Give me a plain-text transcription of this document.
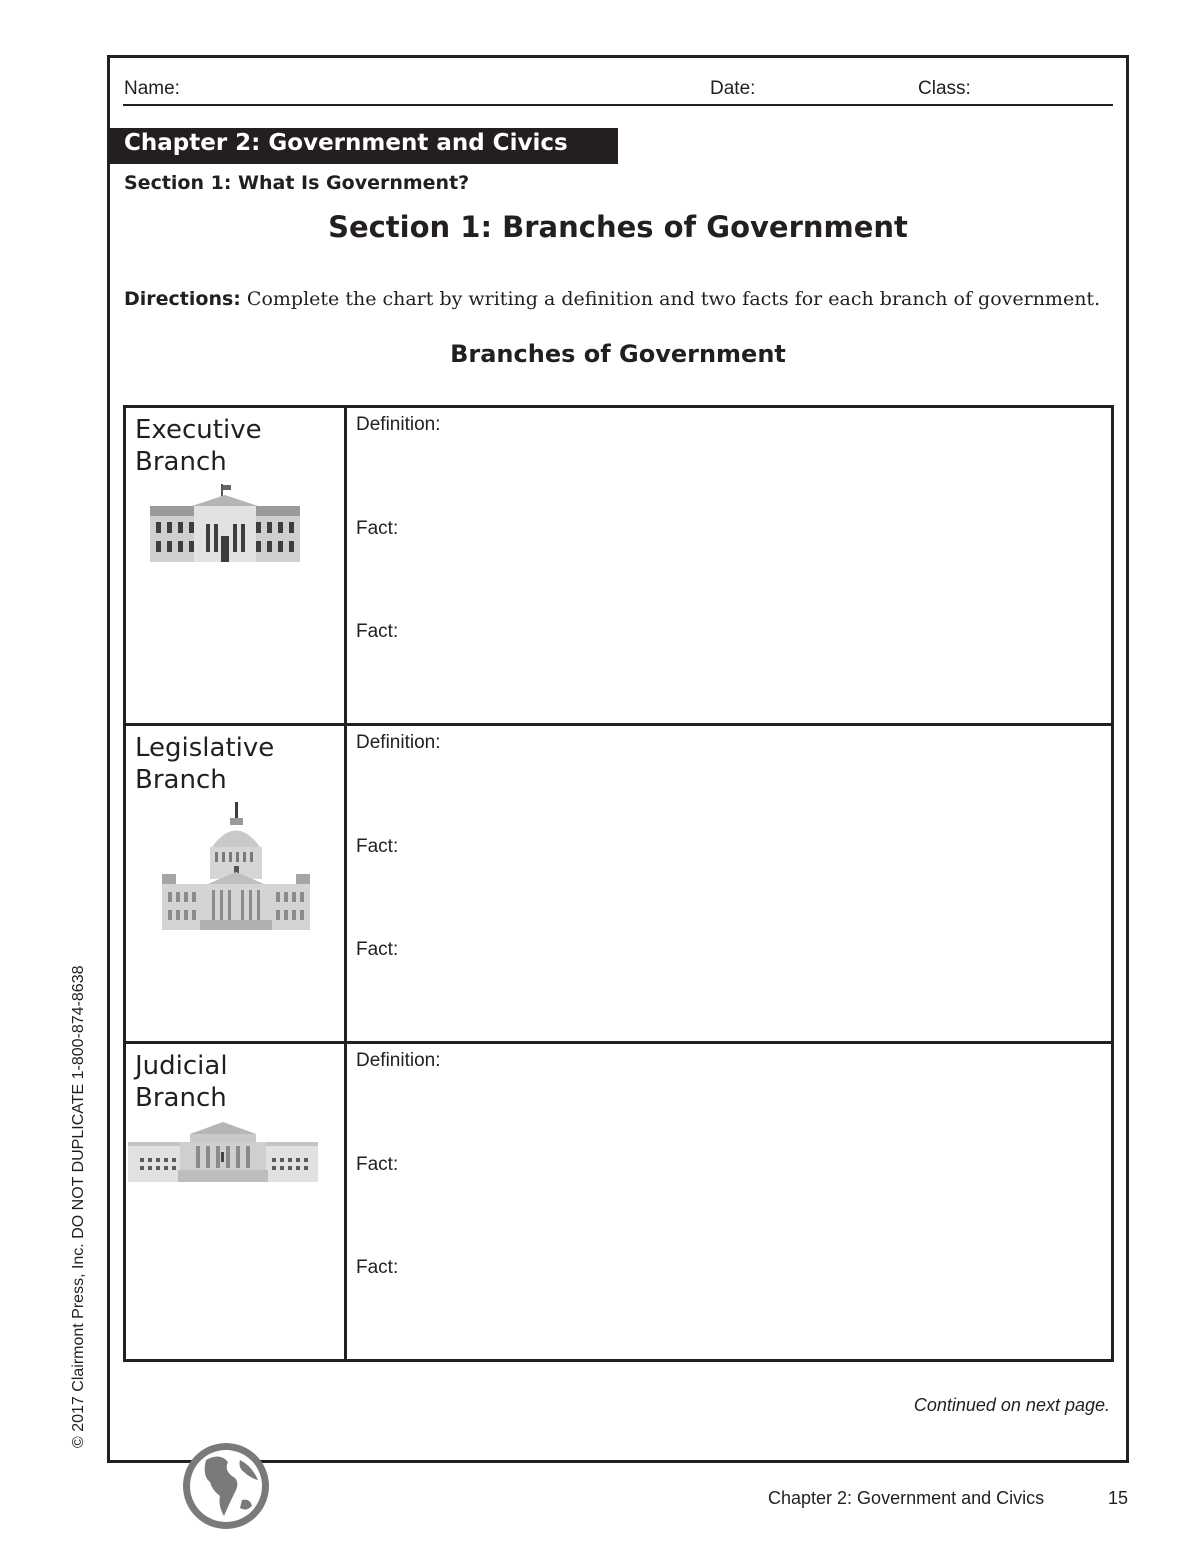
Name:	Date:	Class:
Chapter 2: Government and Civics
Section 1: What Is Government?
Section 1: Branches of Government
Directions: Complete the chart by writing a definition and two facts for each branch of government.
Branches of Government
Executive
Branch	Definition:
Fact:
Fact:

Legislative
Branch	Definition:
Fact:
Fact:

Judicial
Branch	Definition:
Fact:
Fact:
Continued on next page.
© 2017 Clairmont Press, Inc. DO NOT DUPLICATE 1-800-874-8638
Chapter 2: Government and Civics	15
